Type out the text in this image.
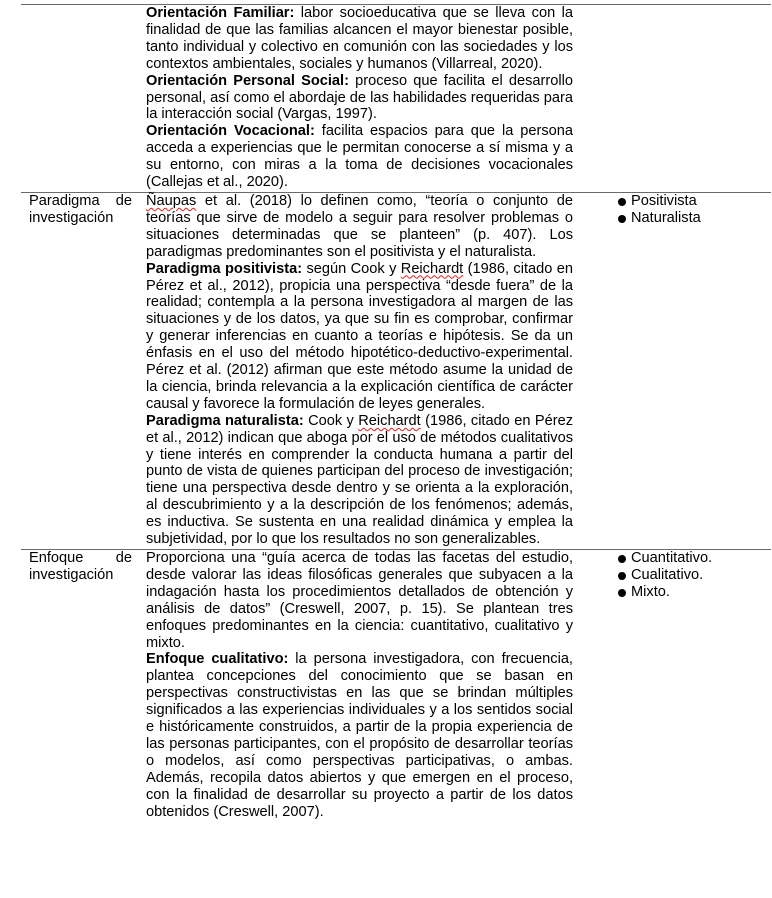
Orientación Familiar: labor socioeducativa que se lleva con la finalidad de que las familias alcancen el mayor bienestar posible, tanto individual y colectivo en comunión con las sociedades y los contextos ambientales, sociales y humanos (Villarreal, 2020).

Orientación Personal Social: proceso que facilita el desarrollo personal, así como el abordaje de las habilidades requeridas para la interacción social (Vargas, 1997).

Orientación Vocacional: facilita espacios para que la persona acceda a experiencias que le permitan conocerse a sí misma y a su entorno, con miras a la toma de decisiones vocacionales (Callejas et al., 2020).

Paradigma de
investigación

Ñaupas et al. (2018) lo definen como, “teoría o conjunto de teorías que sirve de modelo a seguir para resolver problemas o situaciones determinadas que se planteen” (p. 407). Los paradigmas predominantes son el positivista y el naturalista.

Paradigma positivista: según Cook y Reichardt (1986, citado en Pérez et al., 2012), propicia una perspectiva “desde fuera” de la realidad; contempla a la persona investigadora al margen de las situaciones y de los datos, ya que su fin es comprobar, confirmar y generar inferencias en cuanto a teorías e hipótesis. Se da un énfasis en el uso del método hipotético-deductivo-experimental. Pérez et al. (2012) afirman que este método asume la unidad de la ciencia, brinda relevancia a la explicación científica de carácter causal y favorece la formulación de leyes generales.

Paradigma naturalista: Cook y Reichardt (1986, citado en Pérez et al., 2012) indican que aboga por el uso de métodos cualitativos y tiene interés en comprender la conducta humana a partir del punto de vista de quienes participan del proceso de investigación; tiene una perspectiva desde dentro y se orienta a la exploración, al descubrimiento y a la descripción de los fenómenos; además, es inductiva. Se sustenta en una realidad dinámica y emplea la subjetividad, por lo que los resultados no son generalizables.

Positivista
Naturalista
Enfoque de
investigación

Proporciona una “guía acerca de todas las facetas del estudio, desde valorar las ideas filosóficas generales que subyacen a la indagación hasta los procedimientos detallados de obtención y análisis de datos” (Creswell, 2007, p. 15). Se plantean tres enfoques predominantes en la ciencia: cuantitativo, cualitativo y mixto.

Enfoque cualitativo: la persona investigadora, con frecuencia, plantea concepciones del conocimiento que se basan en perspectivas constructivistas en las que se brindan múltiples significados a las experiencias individuales y a los sentidos social e históricamente construidos, a partir de la propia experiencia de las personas participantes, con el propósito de desarrollar teorías o modelos, así como perspectivas participativas, o ambas. Además, recopila datos abiertos y que emergen en el proceso, con la finalidad de desarrollar su proyecto a partir de los datos obtenidos (Creswell, 2007).

Cuantitativo.
Cualitativo.
Mixto.
